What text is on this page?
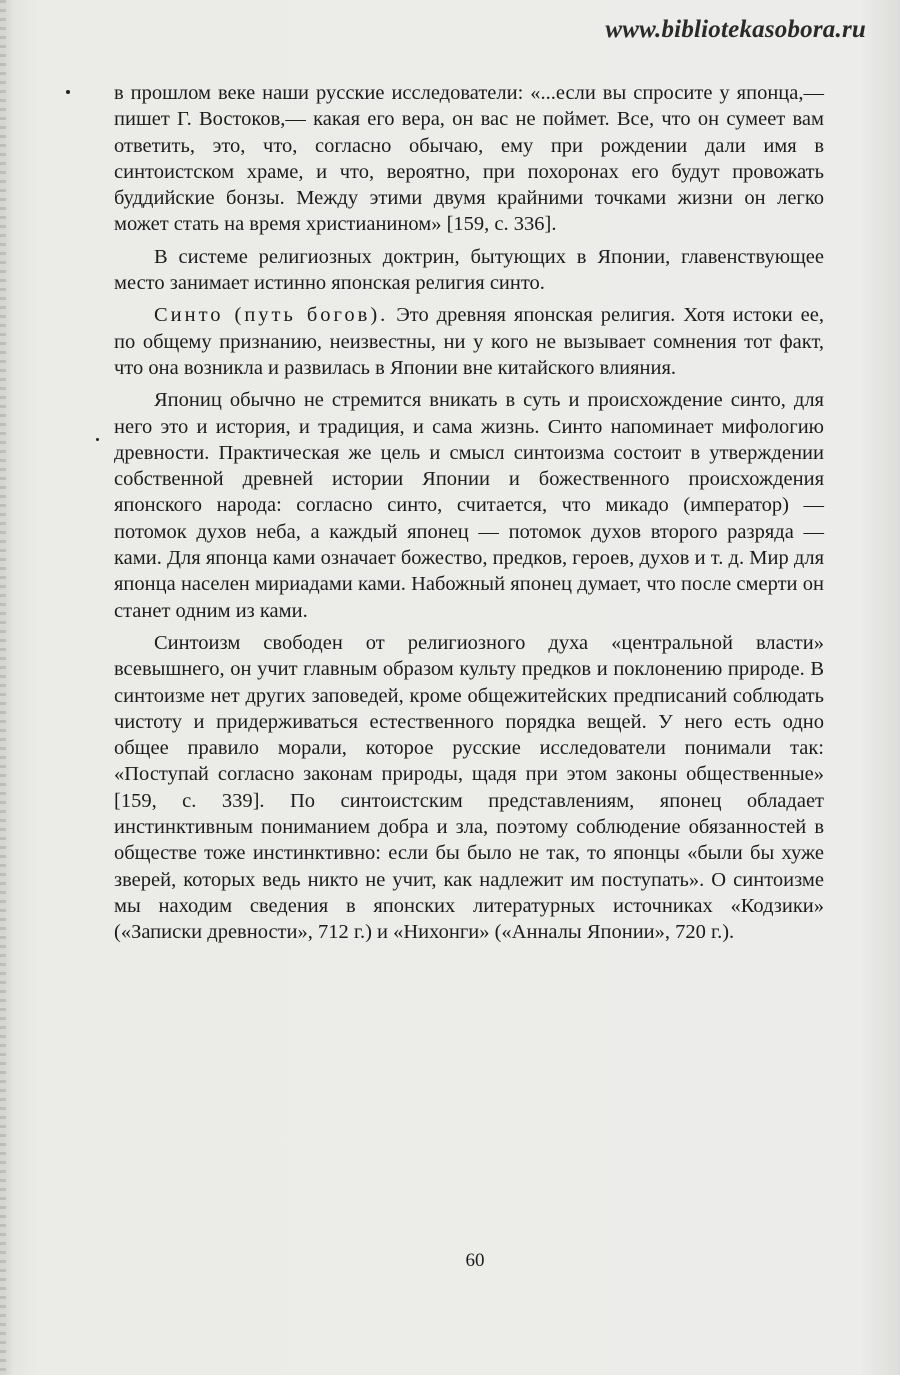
www.bibliotekasobora.ru

в прошлом веке наши русские исследователи: «...если вы спросите у японца,— пишет Г. Востоков,— какая его вера, он вас не поймет. Все, что он сумеет вам ответить, это, что, согласно обычаю, ему при рождении дали имя в синтоистском храме, и что, вероятно, при похоронах его будут провожать буддийские бонзы. Между этими двумя крайними точками жизни он легко может стать на время христианином» [159, с. 336].

В системе религиозных доктрин, бытующих в Японии, главенствующее место занимает истинно японская религия синто.

Синто (путь богов). Это древняя японская религия. Хотя истоки ее, по общему признанию, неизвестны, ни у кого не вызывает сомнения тот факт, что она возникла и развилась в Японии вне китайского влияния.

Япониц обычно не стремится вникать в суть и происхождение синто, для него это и история, и традиция, и сама жизнь. Синто напоминает мифологию древности. Практическая же цель и смысл синтоизма состоит в утверждении собственной древней истории Японии и божественного происхождения японского народа: согласно синто, считается, что микадо (император) — потомок духов неба, а каждый японец — потомок духов второго разряда — ками. Для японца ками означает божество, предков, героев, духов и т. д. Мир для японца населен мириадами ками. Набожный японец думает, что после смерти он станет одним из ками.

Синтоизм свободен от религиозного духа «центральной власти» всевышнего, он учит главным образом культу предков и поклонению природе. В синтоизме нет других заповедей, кроме общежитейских предписаний соблюдать чистоту и придерживаться естественного порядка вещей. У него есть одно общее правило морали, которое русские исследователи понимали так: «Поступай согласно законам природы, щадя при этом законы общественные» [159, с. 339]. По синтоистским представлениям, японец обладает инстинктивным пониманием добра и зла, поэтому соблюдение обязанностей в обществе тоже инстинктивно: если бы было не так, то японцы «были бы хуже зверей, которых ведь никто не учит, как надлежит им поступать». О синтоизме мы находим сведения в японских литературных источниках «Кодзики» («Записки древности», 712 г.) и «Нихонги» («Анналы Японии», 720 г.).

60
